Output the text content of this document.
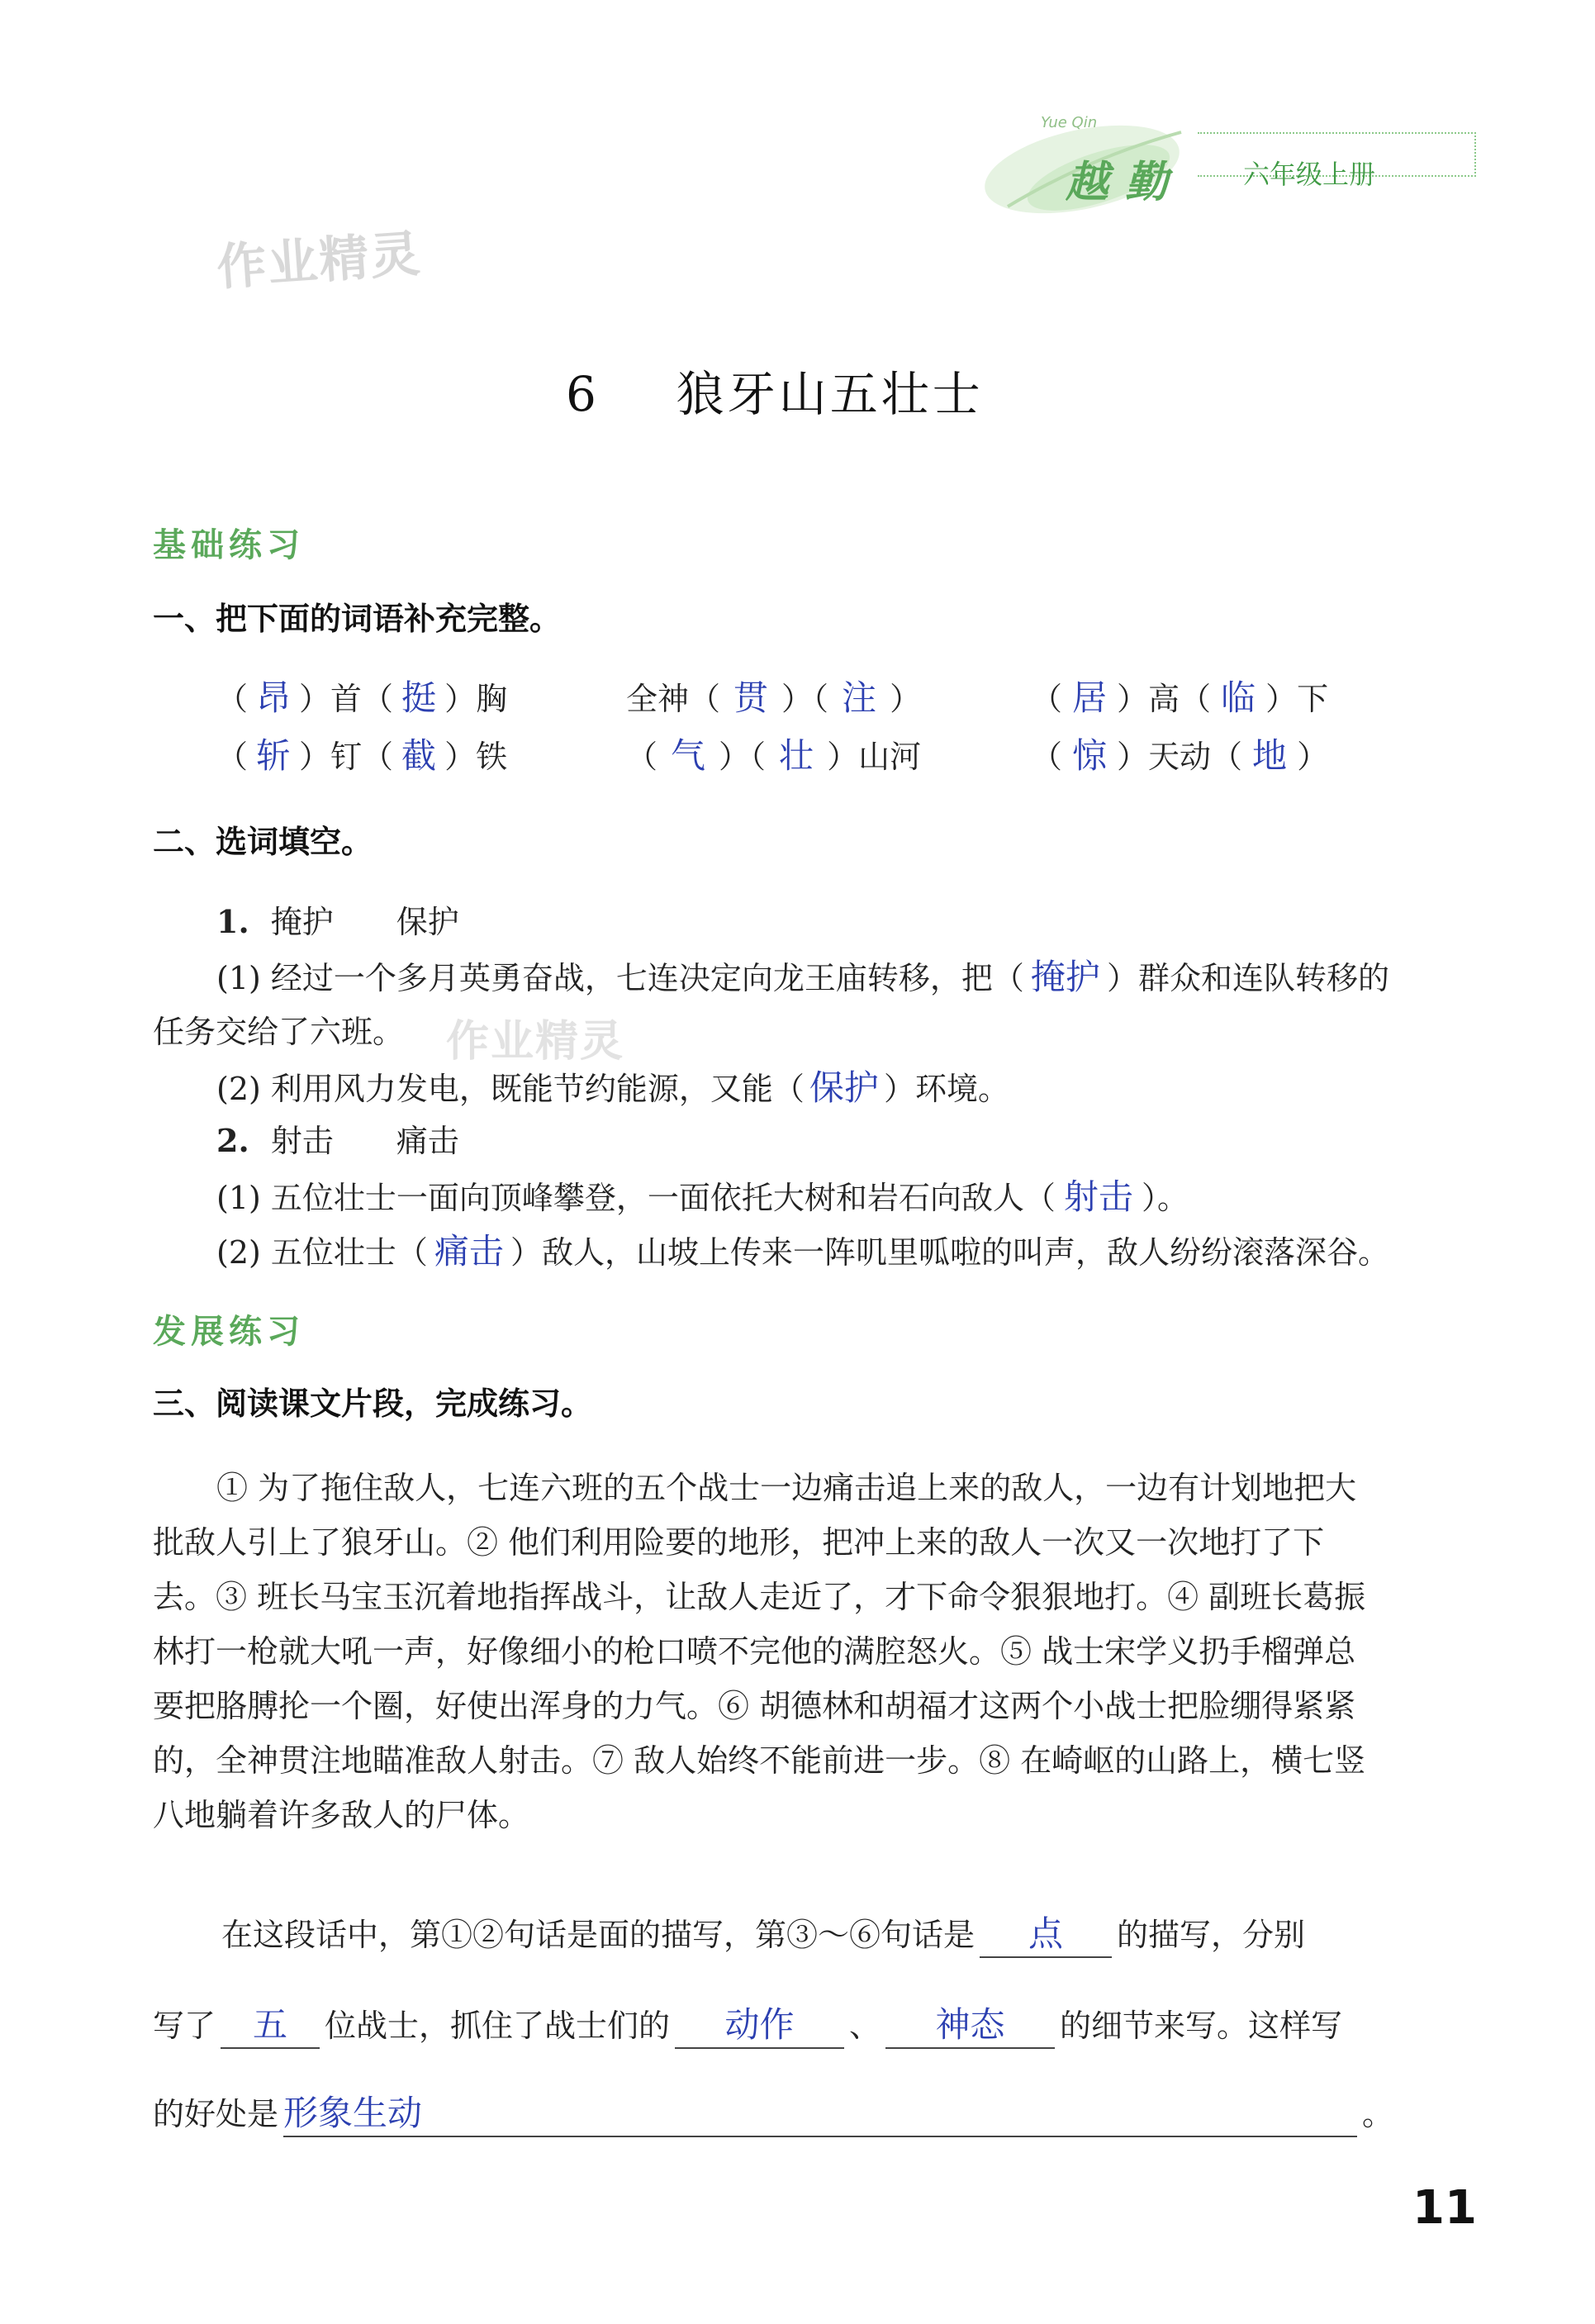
Yue Qin
越勤 六年级上册
作业精灵
作业精灵
6 狼牙山五壮士
基础练习
一、把下面的词语补充完整。
（ 昂 ）首（ 挺 ）胸	全神（ 贯 ）（ 注 ）	（ 居 ）高（ 临 ）下
（ 斩 ）钉（ 截 ）铁	（ 气 ）（ 壮 ）山河	（ 惊 ）天动（ 地 ）
二、选词填空。
1. 掩护　　保护
(1) 经过一个多月英勇奋战，七连决定向龙王庙转移，把（ 掩护 ）群众和连队转移的
任务交给了六班。
(2) 利用风力发电，既能节约能源，又能（ 保护 ）环境。
2. 射击　　痛击
(1) 五位壮士一面向顶峰攀登，一面依托大树和岩石向敌人（ 射击 ）。
(2) 五位壮士（ 痛击 ）敌人，山坡上传来一阵叽里呱啦的叫声，敌人纷纷滚落深谷。
发展练习
三、阅读课文片段，完成练习。
① 为了拖住敌人，七连六班的五个战士一边痛击追上来的敌人，一边有计划地把大
批敌人引上了狼牙山。② 他们利用险要的地形，把冲上来的敌人一次又一次地打了下
去。③ 班长马宝玉沉着地指挥战斗，让敌人走近了，才下命令狠狠地打。④ 副班长葛振
林打一枪就大吼一声，好像细小的枪口喷不完他的满腔怒火。⑤ 战士宋学义扔手榴弹总
要把胳膊抡一个圈，好使出浑身的力气。⑥ 胡德林和胡福才这两个小战士把脸绷得紧紧
的，全神贯注地瞄准敌人射击。⑦ 敌人始终不能前进一步。⑧ 在崎岖的山路上，横七竖
八地躺着许多敌人的尸体。
在这段话中，第①②句话是面的描写，第③～⑥句话是 点 的描写，分别
写了 五 位战士，抓住了战士们的 动作 、 神态 的细节来写。这样写
的好处是 形象生动	。
11
